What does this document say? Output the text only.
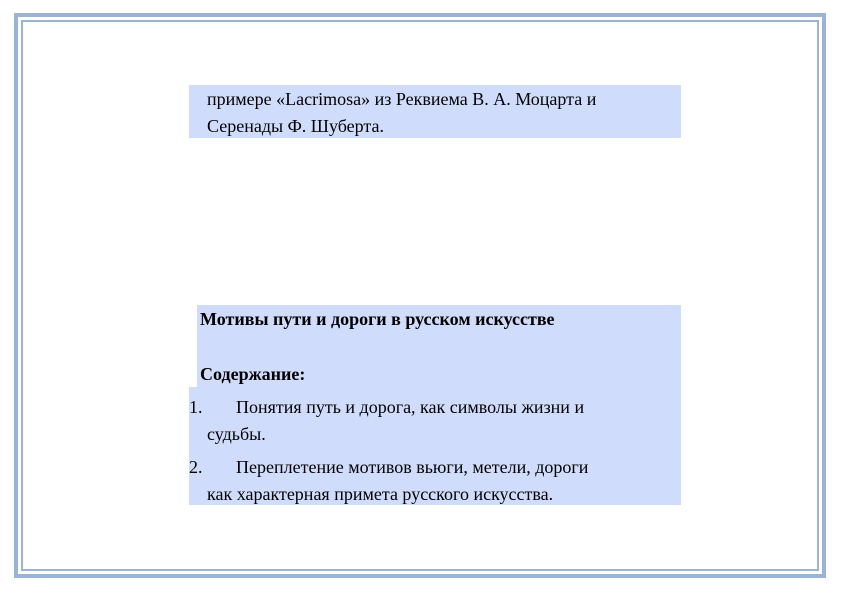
примере «Lacrimosa» из Реквиема В. А. Моцарта и
Серенады Ф. Шуберта.
Мотивы пути и дороги в русском искусстве
Содержание:
1. Понятия путь и дорога, как символы жизни и
судьбы.
2. Переплетение мотивов вьюги, метели, дороги
как характерная примета русского искусства.
